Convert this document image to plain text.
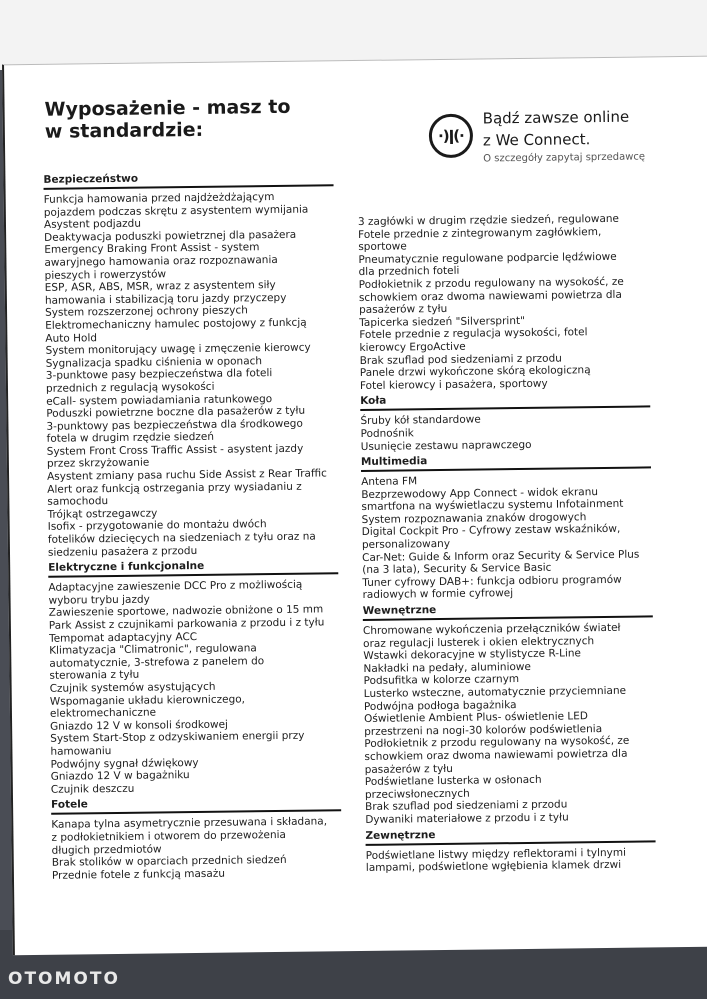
Wyposażenie - masz to
w standardzie:	·)ǀ(·
Bądź zawsze online
z We Connect.
O szczegóły zapytaj sprzedawcę
Bezpieczeństwo
Funkcja hamowania przed najdżeżdżającym
pojazdem podczas skrętu z asystentem wymijania
Asystent podjazdu
Deaktywacja poduszki powietrznej dla pasażera
Emergency Braking Front Assist - system
awaryjnego hamowania oraz rozpoznawania
pieszych i rowerzystów
ESP, ASR, ABS, MSR, wraz z asystentem siły
hamowania i stabilizacją toru jazdy przyczepy
System rozszerzonej ochrony pieszych
Elektromechaniczny hamulec postojowy z funkcją
Auto Hold
System monitorujący uwagę i zmęczenie kierowcy
Sygnalizacja spadku ciśnienia w oponach
3-punktowe pasy bezpieczeństwa dla foteli
przednich z regulacją wysokości
eCall- system powiadamiania ratunkowego
Poduszki powietrzne boczne dla pasażerów z tyłu
3-punktowy pas bezpieczeństwa dla środkowego
fotela w drugim rzędzie siedzeń
System Front Cross Traffic Assist - asystent jazdy
przez skrzyżowanie
Asystent zmiany pasa ruchu Side Assist z Rear Traffic
Alert oraz funkcją ostrzegania przy wysiadaniu z
samochodu
Trójkąt ostrzegawczy
Isofix - przygotowanie do montażu dwóch
fotelików dziecięcych na siedzeniach z tyłu oraz na
siedzeniu pasażera z przodu
Elektryczne i funkcjonalne
Adaptacyjne zawieszenie DCC Pro z możliwością
wyboru trybu jazdy
Zawieszenie sportowe, nadwozie obniżone o 15 mm
Park Assist z czujnikami parkowania z przodu i z tyłu
Tempomat adaptacyjny ACC
Klimatyzacja "Climatronic", regulowana
automatycznie, 3-strefowa z panelem do
sterowania z tyłu
Czujnik systemów asystujących
Wspomaganie układu kierowniczego,
elektromechaniczne
Gniazdo 12 V w konsoli środkowej
System Start-Stop z odzyskiwaniem energii przy
hamowaniu
Podwójny sygnał dźwiękowy
Gniazdo 12 V w bagażniku
Czujnik deszczu
Fotele
Kanapa tylna asymetrycznie przesuwana i składana,
z podłokietnikiem i otworem do przewożenia
długich przedmiotów
Brak stolików w oparciach przednich siedzeń
Przednie fotele z funkcją masażu
3 zagłówki w drugim rzędzie siedzeń, regulowane
Fotele przednie z zintegrowanym zagłówkiem,
sportowe
Pneumatycznie regulowane podparcie lędźwiowe
dla przednich foteli
Podłokietnik z przodu regulowany na wysokość, ze
schowkiem oraz dwoma nawiewami powietrza dla
pasażerów z tyłu
Tapicerka siedzeń "Silversprint"
Fotele przednie z regulacja wysokości, fotel
kierowcy ErgoActive
Brak szuflad pod siedzeniami z przodu
Panele drzwi wykończone skórą ekologiczną
Fotel kierowcy i pasażera, sportowy
Koła
Śruby kół standardowe
Podnośnik
Usunięcie zestawu naprawczego
Multimedia
Antena FM
Bezprzewodowy App Connect - widok ekranu
smartfona na wyświetlaczu systemu Infotainment
System rozpoznawania znaków drogowych
Digital Cockpit Pro - Cyfrowy zestaw wskaźników,
personalizowany
Car-Net: Guide & Inform oraz Security & Service Plus
(na 3 lata), Security & Service Basic
Tuner cyfrowy DAB+: funkcja odbioru programów
radiowych w formie cyfrowej
Wewnętrzne
Chromowane wykończenia przełączników świateł
oraz regulacji lusterek i okien elektrycznych
Wstawki dekoracyjne w stylistycze R-Line
Nakładki na pedały, aluminiowe
Podsufitka w kolorze czarnym
Lusterko wsteczne, automatycznie przyciemniane
Podwójna podłoga bagażnika
Oświetlenie Ambient Plus- oświetlenie LED
przestrzeni na nogi-30 kolorów podświetlenia
Podłokietnik z przodu regulowany na wysokość, ze
schowkiem oraz dwoma nawiewami powietrza dla
pasażerów z tyłu
Podświetlane lusterka w osłonach
przeciwsłonecznych
Brak szuflad pod siedzeniami z przodu
Dywaniki materiałowe z przodu i z tyłu
Zewnętrzne
Podświetlane listwy między reflektorami i tylnymi
lampami, podświetlone wgłębienia klamek drzwi
OTOMOTO
